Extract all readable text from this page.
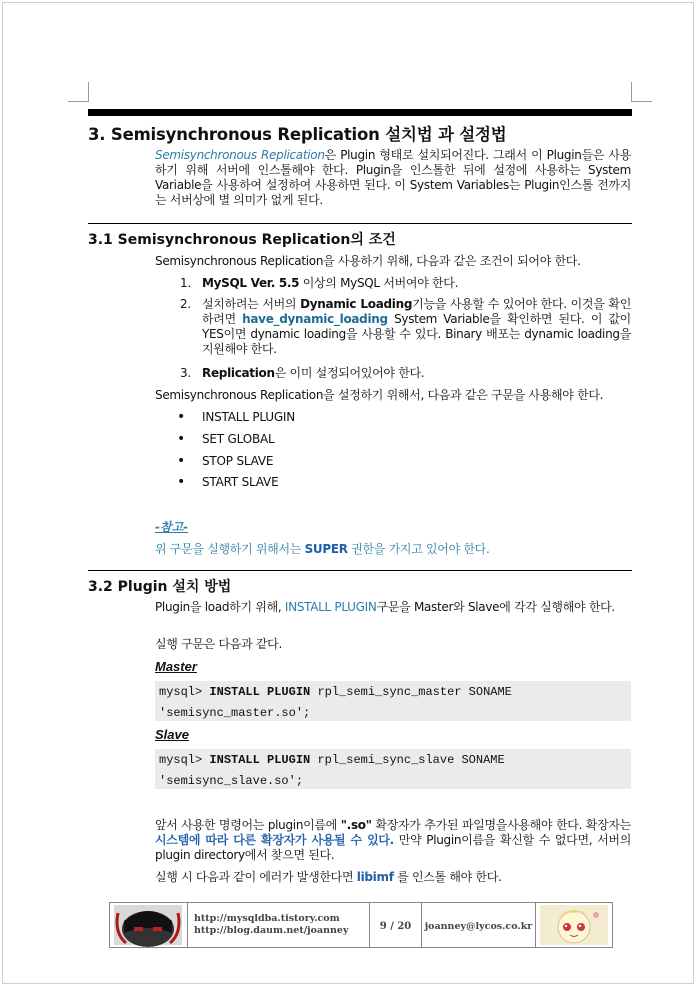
3. Semisynchronous Replication 설치법 과 설정법
Semisynchronous Replication은 Plugin 형태로 설치되어진다. 그래서 이 Plugin들은 사용하기 위해 서버에 인스톨해야 한다. Plugin을 인스톨한 뒤에 설정에 사용하는 System Variable을 사용하여 설정하여 사용하면 된다. 이 System Variables는 Plugin인스톨 전까지는 서버상에 별 의미가 없게 된다.
3.1 Semisynchronous Replication의 조건
Semisynchronous Replication을 사용하기 위해, 다음과 같은 조건이 되어야 한다.
1. MySQL Ver. 5.5 이상의 MySQL 서버여야 한다.
2. 설치하려는 서버의 Dynamic Loading기능을 사용할 수 있어야 한다. 이것을 확인하려면 have_dynamic_loading System Variable을 확인하면 된다. 이 값이 YES이면 dynamic loading을 사용할 수 있다. Binary 배포는 dynamic loading을 지원해야 한다.
3. Replication은 이미 설정되어있어야 한다.
Semisynchronous Replication을 설정하기 위해서, 다음과 같은 구문을 사용해야 한다.
• INSTALL PLUGIN
• SET GLOBAL
• STOP SLAVE
• START SLAVE
-참고-
위 구문을 실행하기 위해서는 SUPER 권한을 가지고 있어야 한다.
3.2 Plugin 설치 방법
Plugin을 load하기 위해, INSTALL PLUGIN구문을 Master와 Slave에 각각 실행해야 한다.
실행 구문은 다음과 같다.
Master
mysql> INSTALL PLUGIN rpl_semi_sync_master SONAME
'semisync_master.so';
Slave
mysql> INSTALL PLUGIN rpl_semi_sync_slave SONAME
'semisync_slave.so';
앞서 사용한 명령어는 plugin이름에 ".so" 확장자가 추가된 파일명을사용해야 한다. 확장자는 시스템에 따라 다른 확장자가 사용될 수 있다. 만약 Plugin이름을 확신할 수 없다면, 서버의 plugin directory에서 찾으면 된다.
실행 시 다음과 같이 에러가 발생한다면 libimf 를 인스톨 해야 한다.
http://mysqldba.tistory.com
http://blog.daum.net/joanney	9 / 20	joanney@lycos.co.kr
